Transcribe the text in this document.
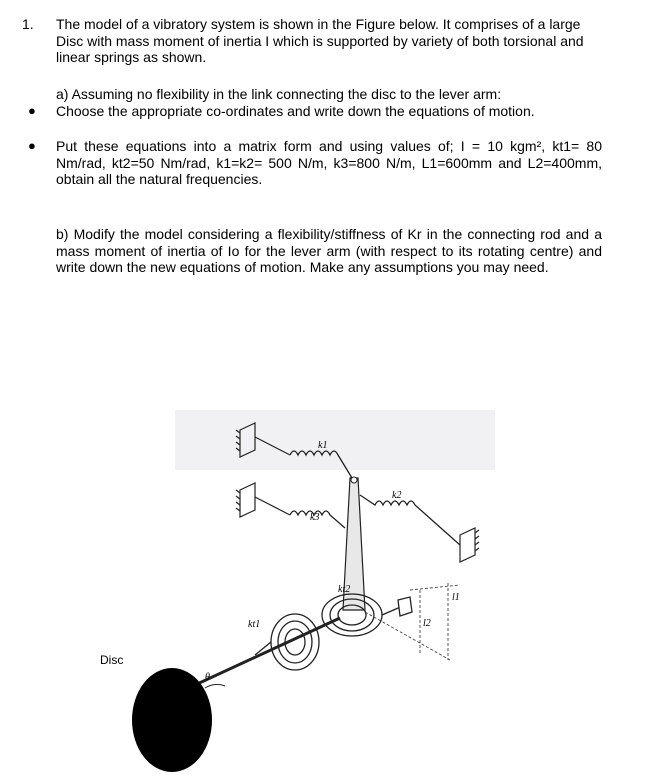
1. The model of a vibratory system is shown in the Figure below. It comprises of a large Disc with mass moment of inertia I which is supported by variety of both torsional and linear springs as shown.
a) Assuming no flexibility in the link connecting the disc to the lever arm:
● Choose the appropriate co-ordinates and write down the equations of motion.
● Put these equations into a matrix form and using values of; I = 10 kgm², kt1= 80 Nm/rad, kt2=50 Nm/rad, k1=k2= 500 N/m, k3=800 N/m, L1=600mm and L2=400mm, obtain all the natural frequencies.
b) Modify the model considering a flexibility/stiffness of Kr in the connecting rod and a mass moment of inertia of Io for the lever arm (with respect to its rotating centre) and write down the new equations of motion. Make any assumptions you may need.
k1
k2
k3
kt2
kt1
l1
l2
θ
Disc
